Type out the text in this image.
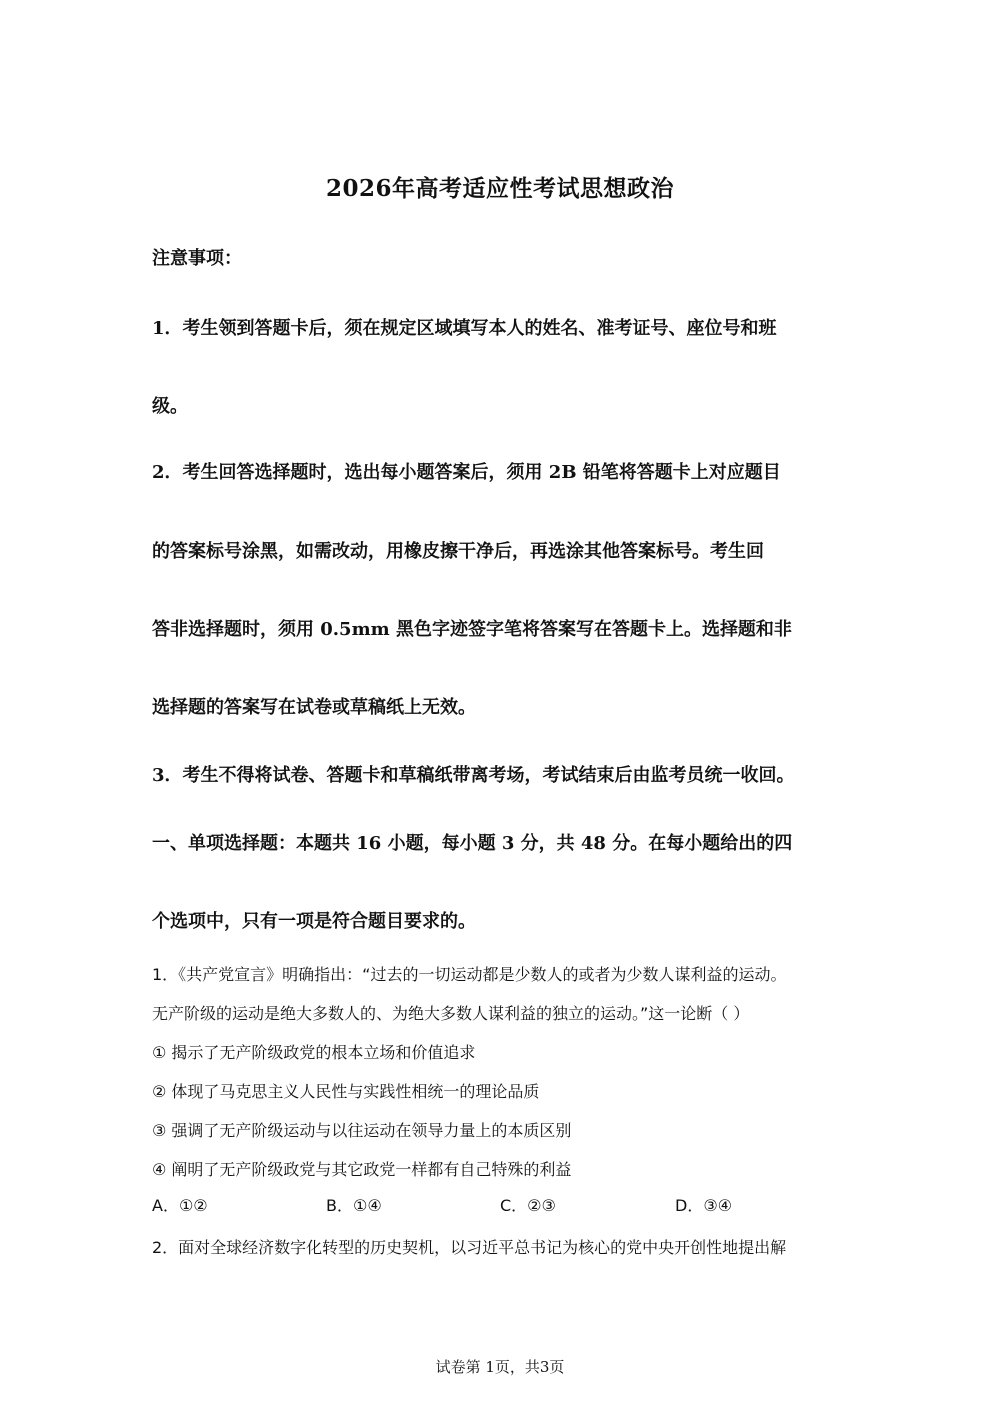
2026年高考适应性考试思想政治
注意事项：
1．考生领到答题卡后，须在规定区域填写本人的姓名、准考证号、座位号和班
级。
2．考生回答选择题时，选出每小题答案后，须用 2B 铅笔将答题卡上对应题目
的答案标号涂黑，如需改动，用橡皮擦干净后，再选涂其他答案标号。考生回
答非选择题时，须用 0.5mm 黑色字迹签字笔将答案写在答题卡上。选择题和非
选择题的答案写在试卷或草稿纸上无效。
3．考生不得将试卷、答题卡和草稿纸带离考场，考试结束后由监考员统一收回。
一、单项选择题：本题共 16 小题，每小题 3 分，共 48 分。在每小题给出的四
个选项中，只有一项是符合题目要求的。
1．《共产党宣言》明确指出：“过去的一切运动都是少数人的或者为少数人谋利益的运动。
无产阶级的运动是绝大多数人的、为绝大多数人谋利益的独立的运动。”这一论断（ ）
① 揭示了无产阶级政党的根本立场和价值追求
② 体现了马克思主义人民性与实践性相统一的理论品质
③ 强调了无产阶级运动与以往运动在领导力量上的本质区别
④ 阐明了无产阶级政党与其它政党一样都有自己特殊的利益
A．①②	B．①④	C．②③	D．③④
2．面对全球经济数字化转型的历史契机，以习近平总书记为核心的党中央开创性地提出解
试卷第 1页，共3页
